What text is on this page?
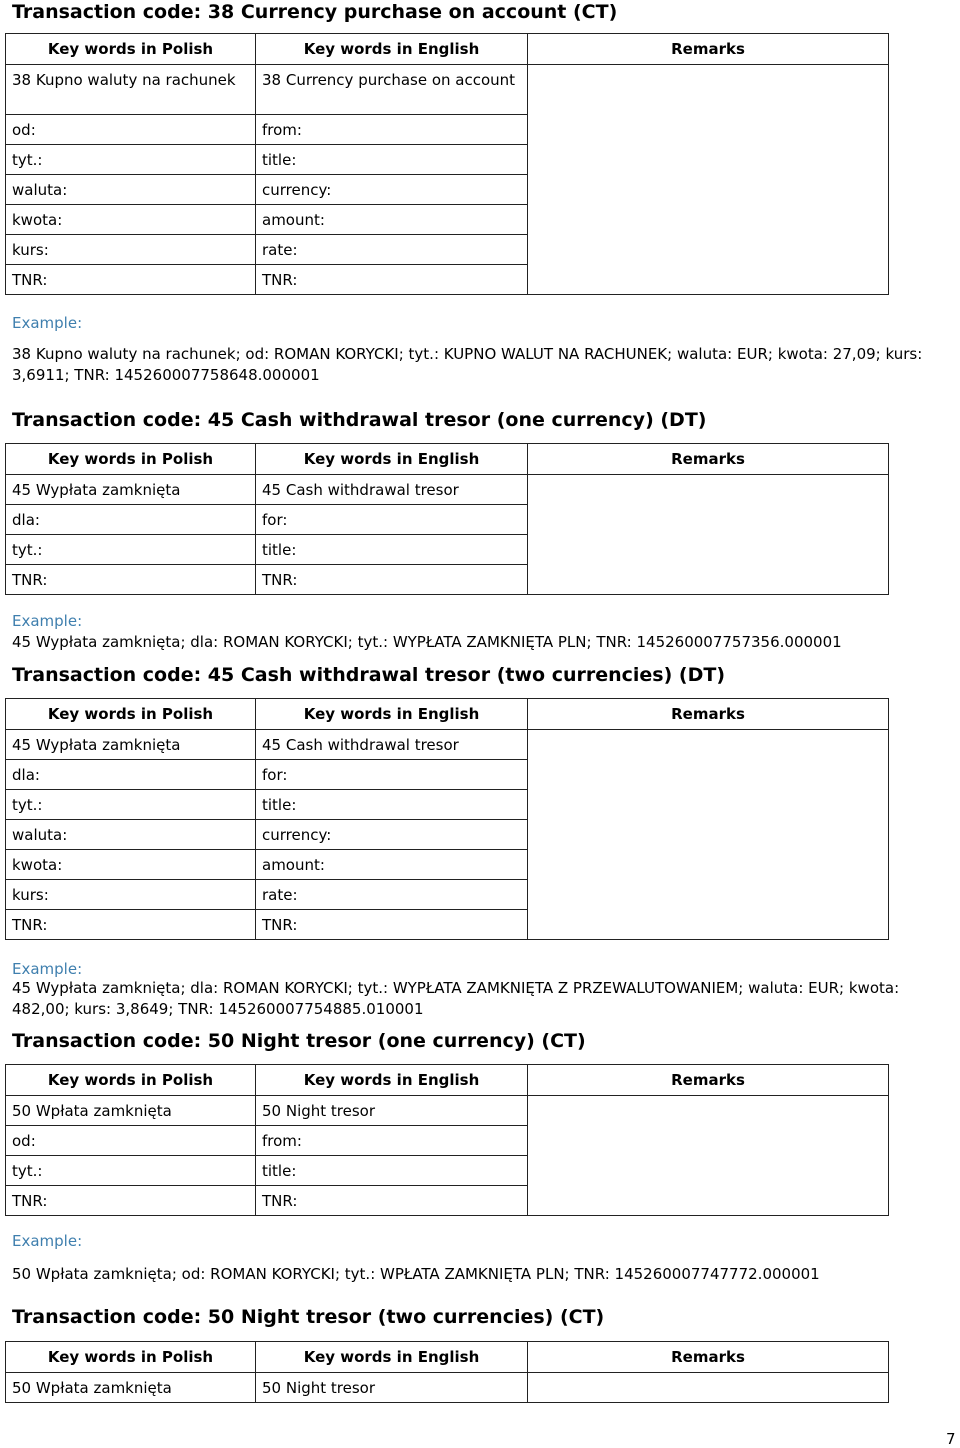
Transaction code: 38 Currency purchase on account (CT)
Key words in Polish	Key words in English	Remarks
38 Kupno waluty na rachunek	38 Currency purchase on account	
od:	from:	
tyt.:	title:	
waluta:	currency:	
kwota:	amount:	
kurs:	rate:	
TNR:	TNR:	

Example:

38 Kupno waluty na rachunek; od: ROMAN KORYCKI; tyt.: KUPNO WALUT NA RACHUNEK; waluta: EUR; kwota: 27,09; kurs: 3,6911; TNR: 145260007758648.000001

Transaction code: 45 Cash withdrawal tresor (one currency) (DT)
Key words in Polish	Key words in English	Remarks
45 Wypłata zamknięta	45 Cash withdrawal tresor	
dla:	for:	
tyt.:	title:	
TNR:	TNR:	

Example:

45 Wypłata zamknięta; dla: ROMAN KORYCKI; tyt.: WYPŁATA ZAMKNIĘTA PLN; TNR: 145260007757356.000001

Transaction code: 45 Cash withdrawal tresor (two currencies) (DT)
Key words in Polish	Key words in English	Remarks
45 Wypłata zamknięta	45 Cash withdrawal tresor	
dla:	for:	
tyt.:	title:	
waluta:	currency:	
kwota:	amount:	
kurs:	rate:	
TNR:	TNR:	

Example:

45 Wypłata zamknięta; dla: ROMAN KORYCKI; tyt.: WYPŁATA ZAMKNIĘTA Z PRZEWALUTOWANIEM; waluta: EUR; kwota: 482,00; kurs: 3,8649; TNR: 145260007754885.010001

Transaction code: 50 Night tresor (one currency) (CT)
Key words in Polish	Key words in English	Remarks
50 Wpłata zamknięta	50 Night tresor	
od:	from:	
tyt.:	title:	
TNR:	TNR:	

Example:

50 Wpłata zamknięta; od: ROMAN KORYCKI; tyt.: WPŁATA ZAMKNIĘTA PLN; TNR: 145260007747772.000001

Transaction code: 50 Night tresor (two currencies) (CT)
Key words in Polish	Key words in English	Remarks
50 Wpłata zamknięta	50 Night tresor	
7
